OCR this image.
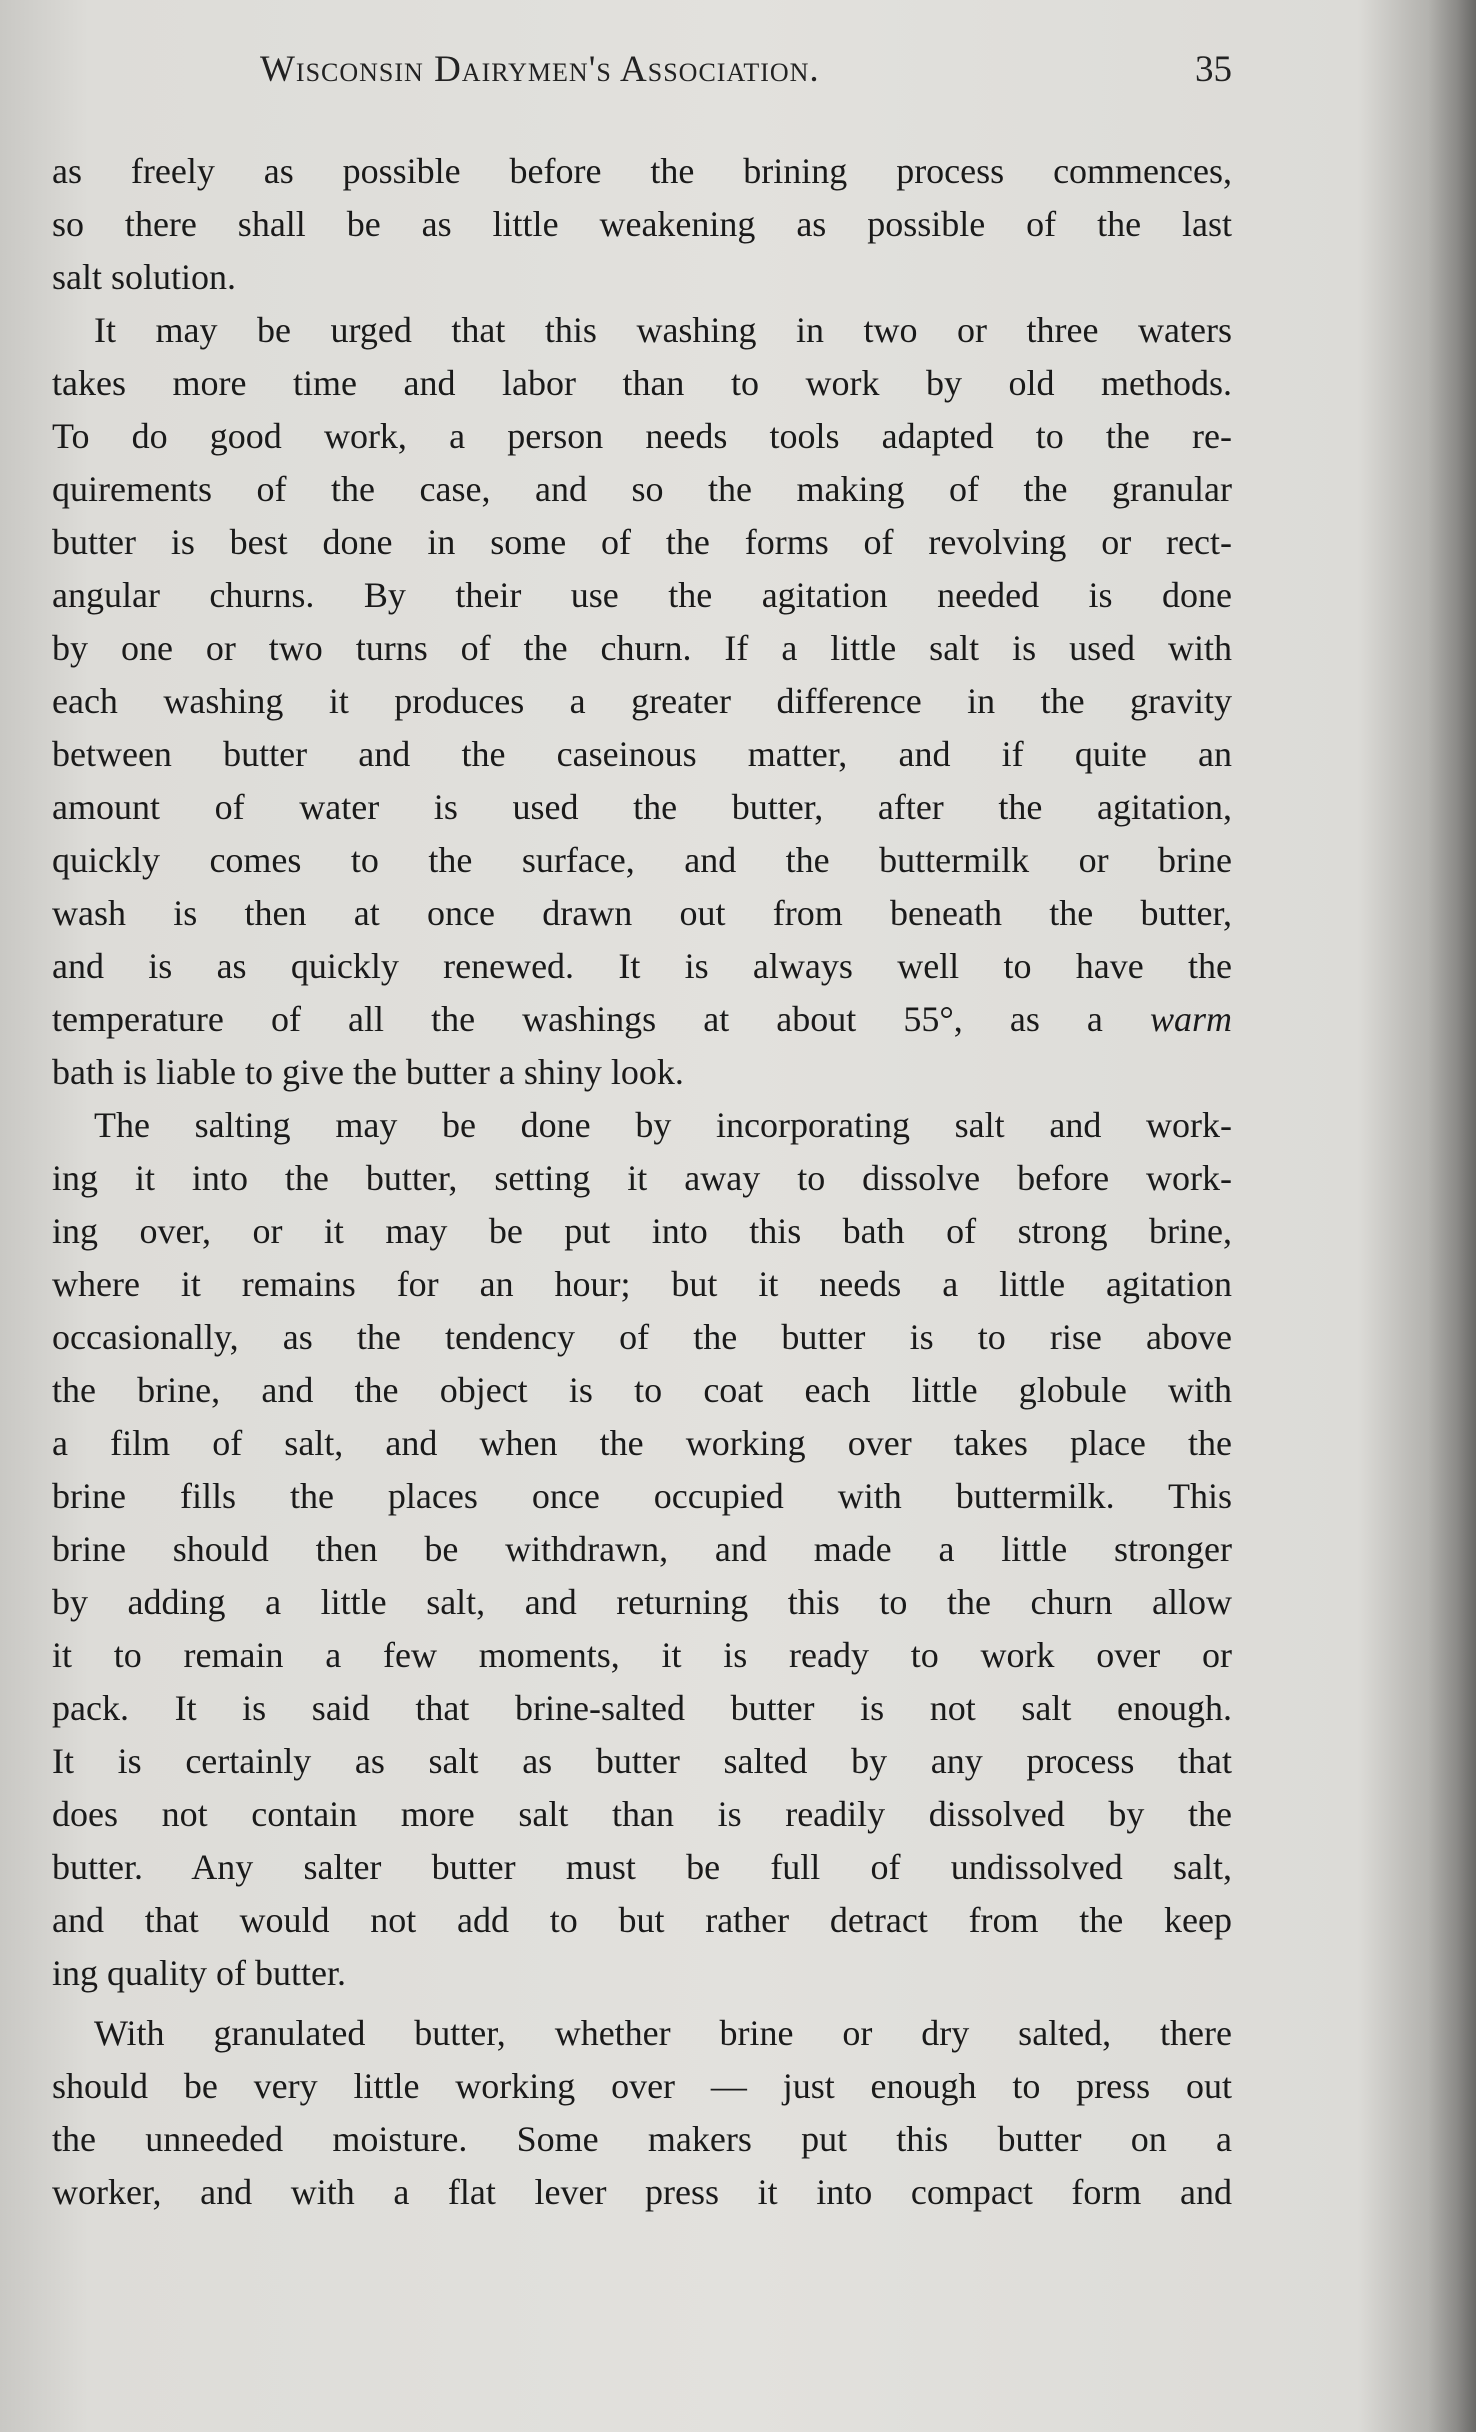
Wisconsin Dairymen's Association.	35
as freely as possible before the brining process commences,
so there shall be as little weakening as possible of the last
salt solution.
It may be urged that this washing in two or three waters
takes more time and labor than to work by old methods.
To do good work, a person needs tools adapted to the re-
quirements of the case, and so the making of the granular
butter is best done in some of the forms of revolving or rect-
angular churns. By their use the agitation needed is done
by one or two turns of the churn. If a little salt is used with
each washing it produces a greater difference in the gravity
between butter and the caseinous matter, and if quite an
amount of water is used the butter, after the agitation,
quickly comes to the surface, and the buttermilk or brine
wash is then at once drawn out from beneath the butter,
and is as quickly renewed. It is always well to have the
temperature of all the washings at about 55°, as a warm
bath is liable to give the butter a shiny look.
The salting may be done by incorporating salt and work-
ing it into the butter, setting it away to dissolve before work-
ing over, or it may be put into this bath of strong brine,
where it remains for an hour; but it needs a little agitation
occasionally, as the tendency of the butter is to rise above
the brine, and the object is to coat each little globule with
a film of salt, and when the working over takes place the
brine fills the places once occupied with buttermilk. This
brine should then be withdrawn, and made a little stronger
by adding a little salt, and returning this to the churn allow
it to remain a few moments, it is ready to work over or
pack. It is said that brine-salted butter is not salt enough.
It is certainly as salt as butter salted by any process that
does not contain more salt than is readily dissolved by the
butter. Any salter butter must be full of undissolved salt,
and that would not add to but rather detract from the keep
ing quality of butter.
With granulated butter, whether brine or dry salted, there
should be very little working over — just enough to press out
the unneeded moisture. Some makers put this butter on a
worker, and with a flat lever press it into compact form and
